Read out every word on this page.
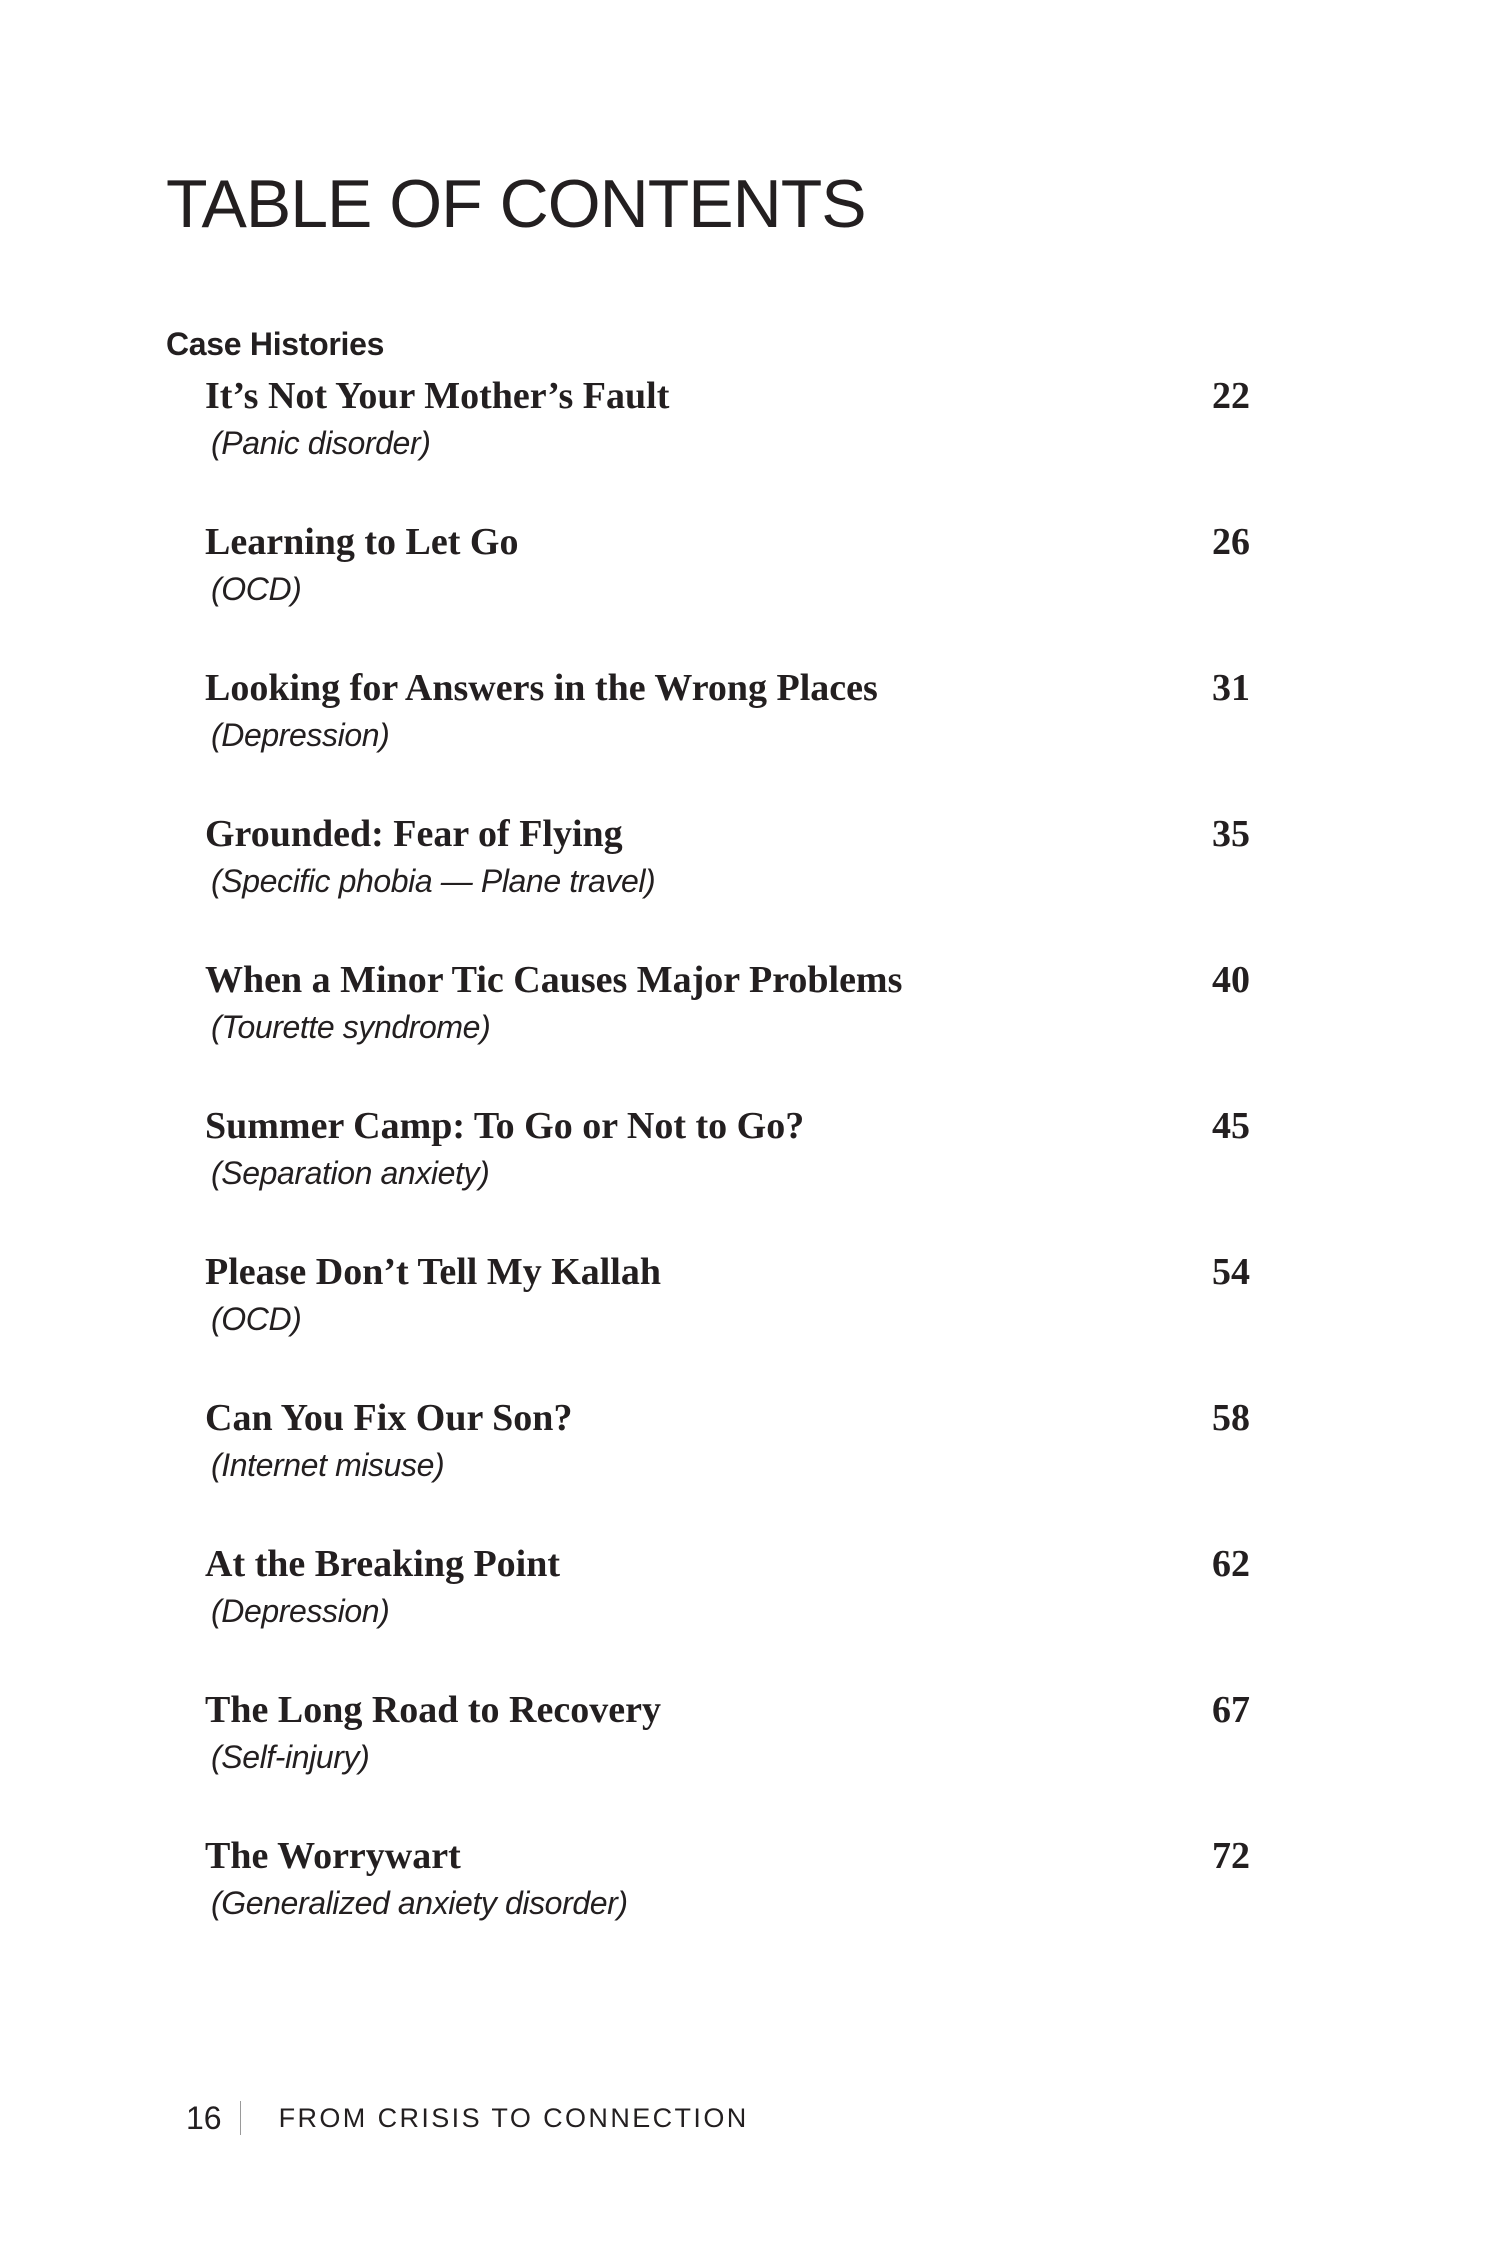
TABLE OF CONTENTS
Case Histories
It’s Not Your Mother’s Fault	22
(Panic disorder)
Learning to Let Go	26
(OCD)
Looking for Answers in the Wrong Places	31
(Depression)
Grounded: Fear of Flying	35
(Specific phobia — Plane travel)
When a Minor Tic Causes Major Problems	40
(Tourette syndrome)
Summer Camp: To Go or Not to Go?	45
(Separation anxiety)
Please Don’t Tell My Kallah	54
(OCD)
Can You Fix Our Son?	58
(Internet misuse)
At the Breaking Point	62
(Depression)
The Long Road to Recovery	67
(Self-injury)
The Worrywart	72
(Generalized anxiety disorder)
16 FROM CRISIS TO CONNECTION
